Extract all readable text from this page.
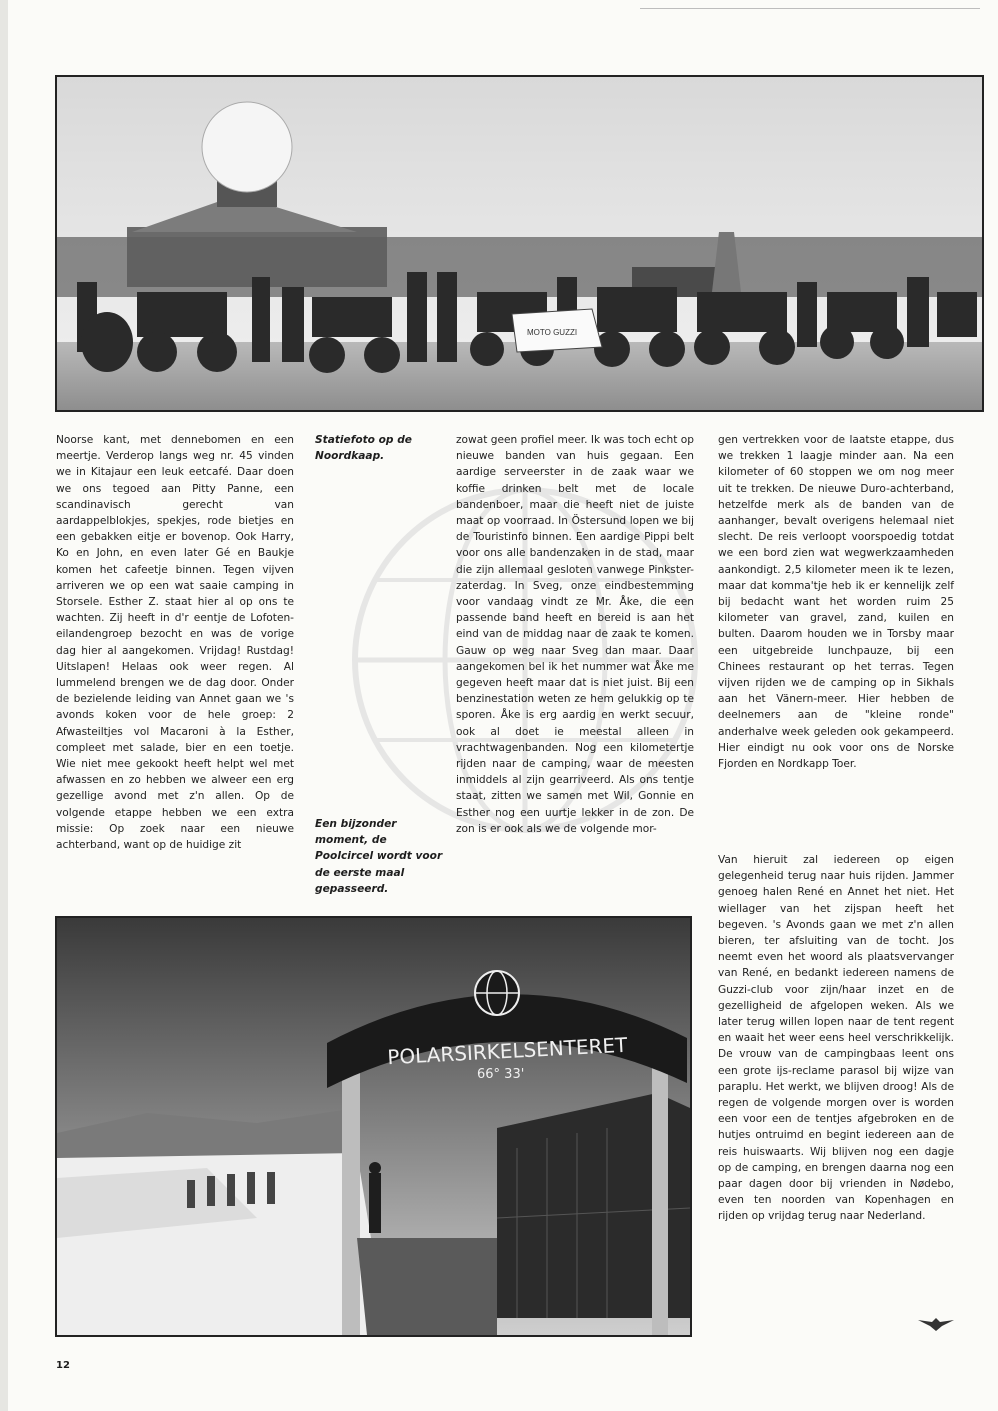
MOTO GUZZI

Noorse kant, met dennebomen en een meertje. Verderop langs weg nr. 45 vinden we in Kitajaur een leuk eetcafé. Daar doen we ons tegoed aan Pitty Panne, een scandinavisch gerecht van aardappelblokjes, spekjes, rode bietjes en een gebakken eitje er bovenop. Ook Harry, Ko en John, en even later Gé en Baukje komen het cafeetje binnen. Tegen vijven arriveren we op een wat saaie camping in Storsele. Esther Z. staat hier al op ons te wachten. Zij heeft in d'r eentje de Lofoten-eilandengroep bezocht en was de vorige dag hier al aangekomen. Vrijdag! Rustdag! Uitslapen! Helaas ook weer regen. Al lummelend brengen we de dag door. Onder de bezielende leiding van Annet gaan we 's avonds koken voor de hele groep: 2 Afwasteiltjes vol Macaroni à la Esther, compleet met salade, bier en een toetje. Wie niet mee gekookt heeft helpt wel met afwassen en zo hebben we alweer een erg gezellige avond met z'n allen. Op de volgende etappe hebben we een extra missie: Op zoek naar een nieuwe achterband, want op de huidige zit

Statiefoto op de Noordkaap.
Een bijzonder moment, de Poolcircel wordt voor de eerste maal gepasseerd.

zowat geen profiel meer. Ik was toch echt op nieuwe banden van huis gegaan. Een aardige serveerster in de zaak waar we koffie drinken belt met de locale bandenboer, maar die heeft niet de juiste maat op voorraad. In Östersund lopen we bij de Touristinfo binnen. Een aardige Pippi belt voor ons alle bandenzaken in de stad, maar die zijn allemaal gesloten vanwege Pinkster-zaterdag. In Sveg, onze eindbestemming voor vandaag vindt ze Mr. Åke, die een passende band heeft en bereid is aan het eind van de middag naar de zaak te komen. Gauw op weg naar Sveg dan maar. Daar aangekomen bel ik het nummer wat Åke me gegeven heeft maar dat is niet juist. Bij een benzinestation weten ze hem gelukkig op te sporen. Åke is erg aardig en werkt secuur, ook al doet ie meestal alleen in vrachtwagenbanden. Nog een kilometertje rijden naar de camping, waar de meesten inmiddels al zijn gearriveerd. Als ons tentje staat, zitten we samen met Wil, Gonnie en Esther nog een uurtje lekker in de zon. De zon is er ook als we de volgende mor-

gen vertrekken voor de laatste etappe, dus we trekken 1 laagje minder aan. Na een kilometer of 60 stoppen we om nog meer uit te trekken. De nieuwe Duro-achterband, hetzelfde merk als de banden van de aanhanger, bevalt overigens helemaal niet slecht. De reis verloopt voorspoedig totdat we een bord zien wat wegwerkzaamheden aankondigt. 2,5 kilometer meen ik te lezen, maar dat komma'tje heb ik er kennelijk zelf bij bedacht want het worden ruim 25 kilometer van gravel, zand, kuilen en bulten. Daarom houden we in Torsby maar een uitgebreide lunchpauze, bij een Chinees restaurant op het terras. Tegen vijven rijden we de camping op in Sikhals aan het Vänern-meer. Hier hebben de deelnemers aan de "kleine ronde" anderhalve week geleden ook gekampeerd. Hier eindigt nu ook voor ons de Norske Fjorden en Nordkapp Toer.

Van hieruit zal iedereen op eigen gelegenheid terug naar huis rijden. Jammer genoeg halen René en Annet het niet. Het wiellager van het zijspan heeft het begeven. 's Avonds gaan we met z'n allen bieren, ter afsluiting van de tocht. Jos neemt even het woord als plaatsvervanger van René, en bedankt iedereen namens de Guzzi-club voor zijn/haar inzet en de gezelligheid de afgelopen weken. Als we later terug willen lopen naar de tent regent en waait het weer eens heel verschrikkelijk. De vrouw van de campingbaas leent ons een grote ijs-reclame parasol bij wijze van paraplu. Het werkt, we blijven droog! Als de regen de volgende morgen over is worden een voor een de tentjes afgebroken en de hutjes ontruimd en begint iedereen aan de reis huiswaarts. Wij blijven nog een dagje op de camping, en brengen daarna nog een paar dagen door bij vrienden in Nødebo, even ten noorden van Kopenhagen en rijden op vrijdag terug naar Nederland.

POLARSIRKELSENTERET
66° 33'
12
